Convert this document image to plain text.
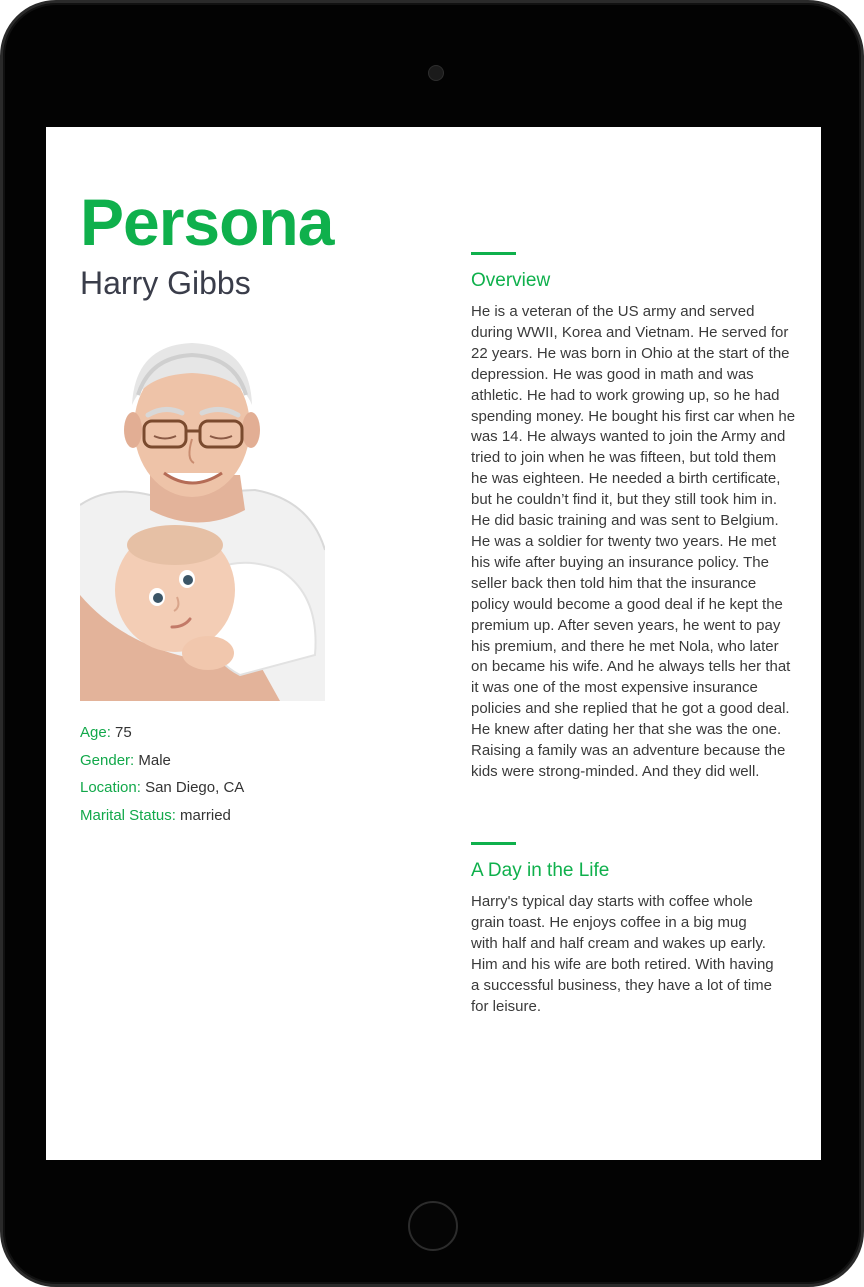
Persona
Harry Gibbs
Age: 75
Gender: Male
Location: San Diego, CA
Marital Status: married
Overview

He is a veteran of the US army and served during WWII, Korea and Vietnam. He served for 22 years. He was born in Ohio at the start of the depression. He was good in math and was athletic. He had to work growing up, so he had spending money. He bought his first car when he was 14. He always wanted to join the Army and tried to join when he was fifteen, but told them he was eighteen. He needed a birth certificate, but he couldn’t find it, but they still took him in. He did basic training and was sent to Belgium. He was a soldier for twenty two years. He met his wife after buying an insurance policy. The seller back then told him that the insurance policy would become a good deal if he kept the premium up. After seven years, he went to pay his premium, and there he met Nola, who later on became his wife. And he always tells her that it was one of the most expensive insurance policies and she replied that he got a good deal. He knew after dating her that she was the one. Raising a family was an adventure because the kids were strong-minded. And they did well.

A Day in the Life

Harry's typical day starts with coffee whole grain toast. He enjoys coffee in a big mug with half and half cream and wakes up early. Him and his wife are both retired. With having a successful business, they have a lot of time for leisure.
